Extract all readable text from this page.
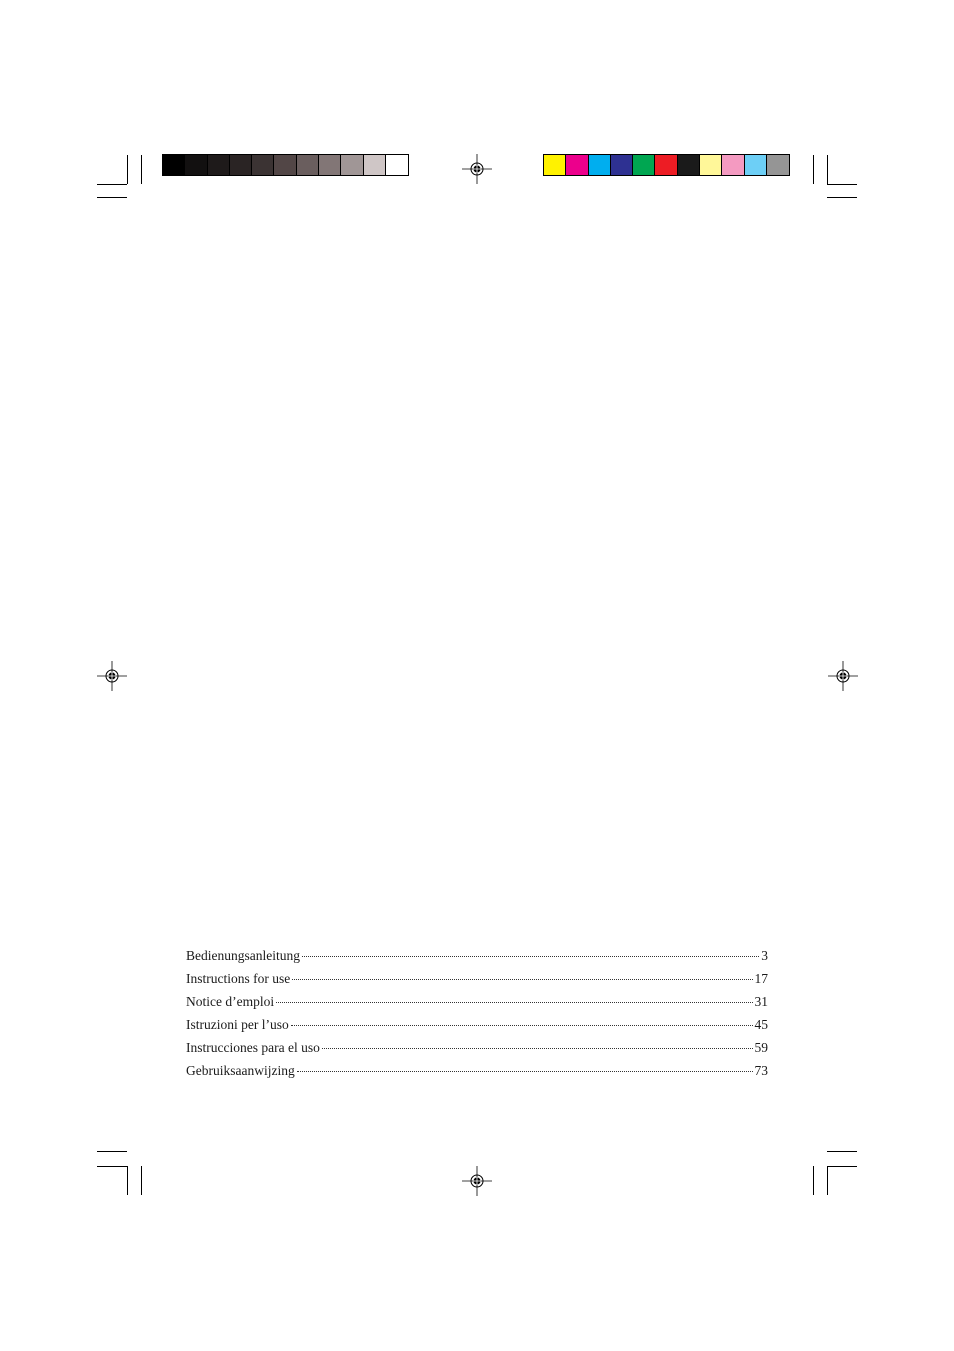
Bedienungsanleitung	3
Instructions for use	17
Notice d’emploi	31
Istruzioni per l’uso	45
Instrucciones para el uso	59
Gebruiksaanwijzing	73
